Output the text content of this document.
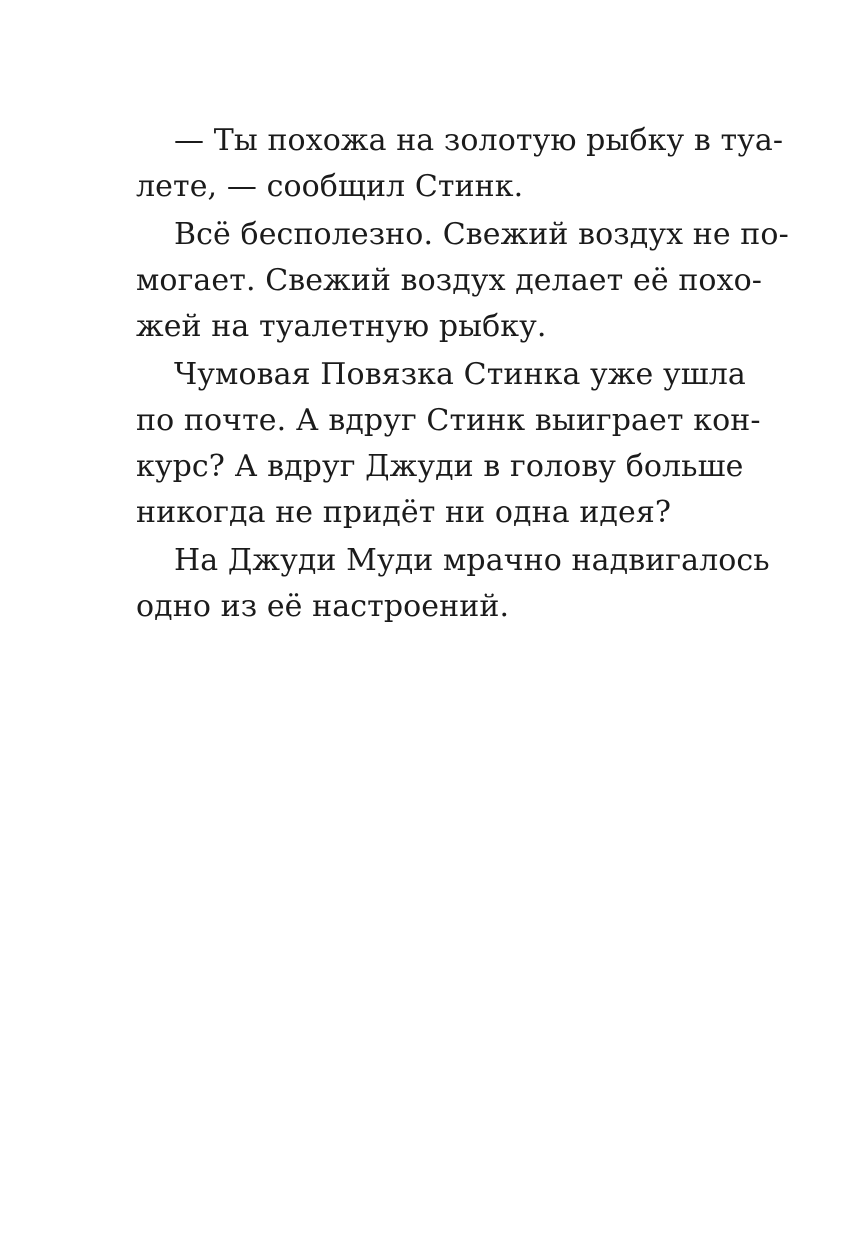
— Ты похожа на золотую рыбку в туа-
лете, — сообщил Стинк.
Всё бесполезно. Свежий воздух не по-
могает. Свежий воздух делает её похо-
жей на туалетную рыбку.
Чумовая Повязка Стинка уже ушла
по почте. А вдруг Стинк выиграет кон-
курс? А вдруг Джуди в голову больше
никогда не придёт ни одна идея?
На Джуди Муди мрачно надвигалось
одно из её настроений.
